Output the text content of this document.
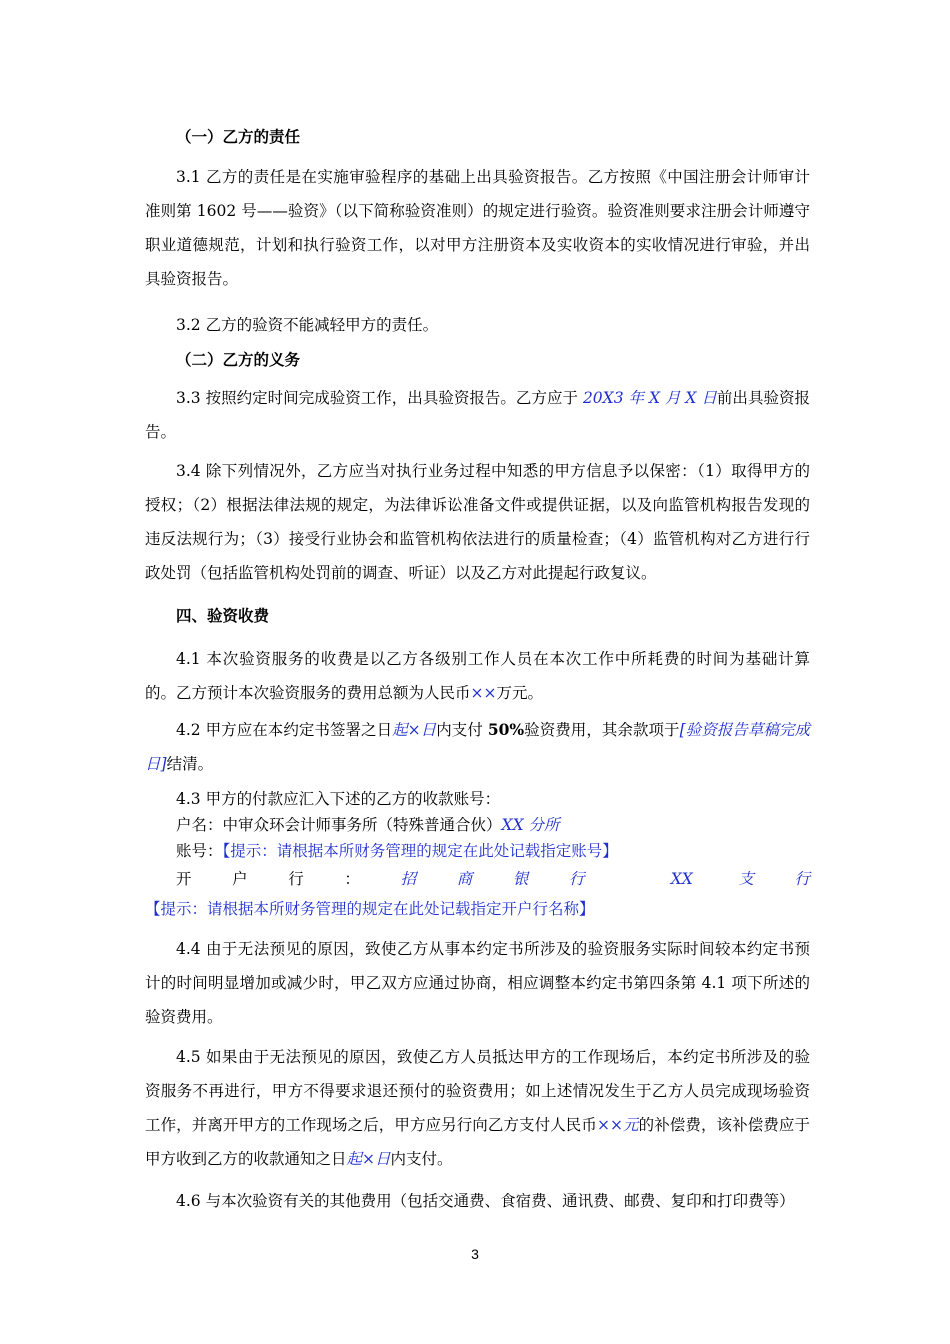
（一）乙方的责任

3.1 乙方的责任是在实施审验程序的基础上出具验资报告。乙方按照《中国注册会计师审计准则第 1602 号——验资》（以下简称验资准则）的规定进行验资。验资准则要求注册会计师遵守职业道德规范，计划和执行验资工作，以对甲方注册资本及实收资本的实收情况进行审验，并出具验资报告。

3.2 乙方的验资不能减轻甲方的责任。

（二）乙方的义务

3.3 按照约定时间完成验资工作，出具验资报告。乙方应于 20X3 年 X 月 X 日前出具验资报告。

3.4 除下列情况外，乙方应当对执行业务过程中知悉的甲方信息予以保密：（1）取得甲方的授权；（2）根据法律法规的规定，为法律诉讼准备文件或提供证据，以及向监管机构报告发现的违反法规行为；（3）接受行业协会和监管机构依法进行的质量检查；（4）监管机构对乙方进行行政处罚（包括监管机构处罚前的调查、听证）以及乙方对此提起行政复议。

四、验资收费

4.1 本次验资服务的收费是以乙方各级别工作人员在本次工作中所耗费的时间为基础计算的。乙方预计本次验资服务的费用总额为人民币××万元。

4.2 甲方应在本约定书签署之日起×日内支付 50%验资费用，其余款项于[验资报告草稿完成日]结清。

4.3 甲方的付款应汇入下述的乙方的收款账号：

户名：中审众环会计师事务所（特殊普通合伙）XX 分所

账号：【提示：请根据本所财务管理的规定在此处记载指定账号】

开户行：招商银行 XX 支行【提示：请根据本所财务管理的规定在此处记载指定开户行名称】

4.4 由于无法预见的原因，致使乙方从事本约定书所涉及的验资服务实际时间较本约定书预计的时间明显增加或减少时，甲乙双方应通过协商，相应调整本约定书第四条第 4.1 项下所述的验资费用。

4.5 如果由于无法预见的原因，致使乙方人员抵达甲方的工作现场后，本约定书所涉及的验资服务不再进行，甲方不得要求退还预付的验资费用；如上述情况发生于乙方人员完成现场验资工作，并离开甲方的工作现场之后，甲方应另行向乙方支付人民币××元的补偿费，该补偿费应于甲方收到乙方的收款通知之日起×日内支付。

4.6 与本次验资有关的其他费用（包括交通费、食宿费、通讯费、邮费、复印和打印费等）

3
